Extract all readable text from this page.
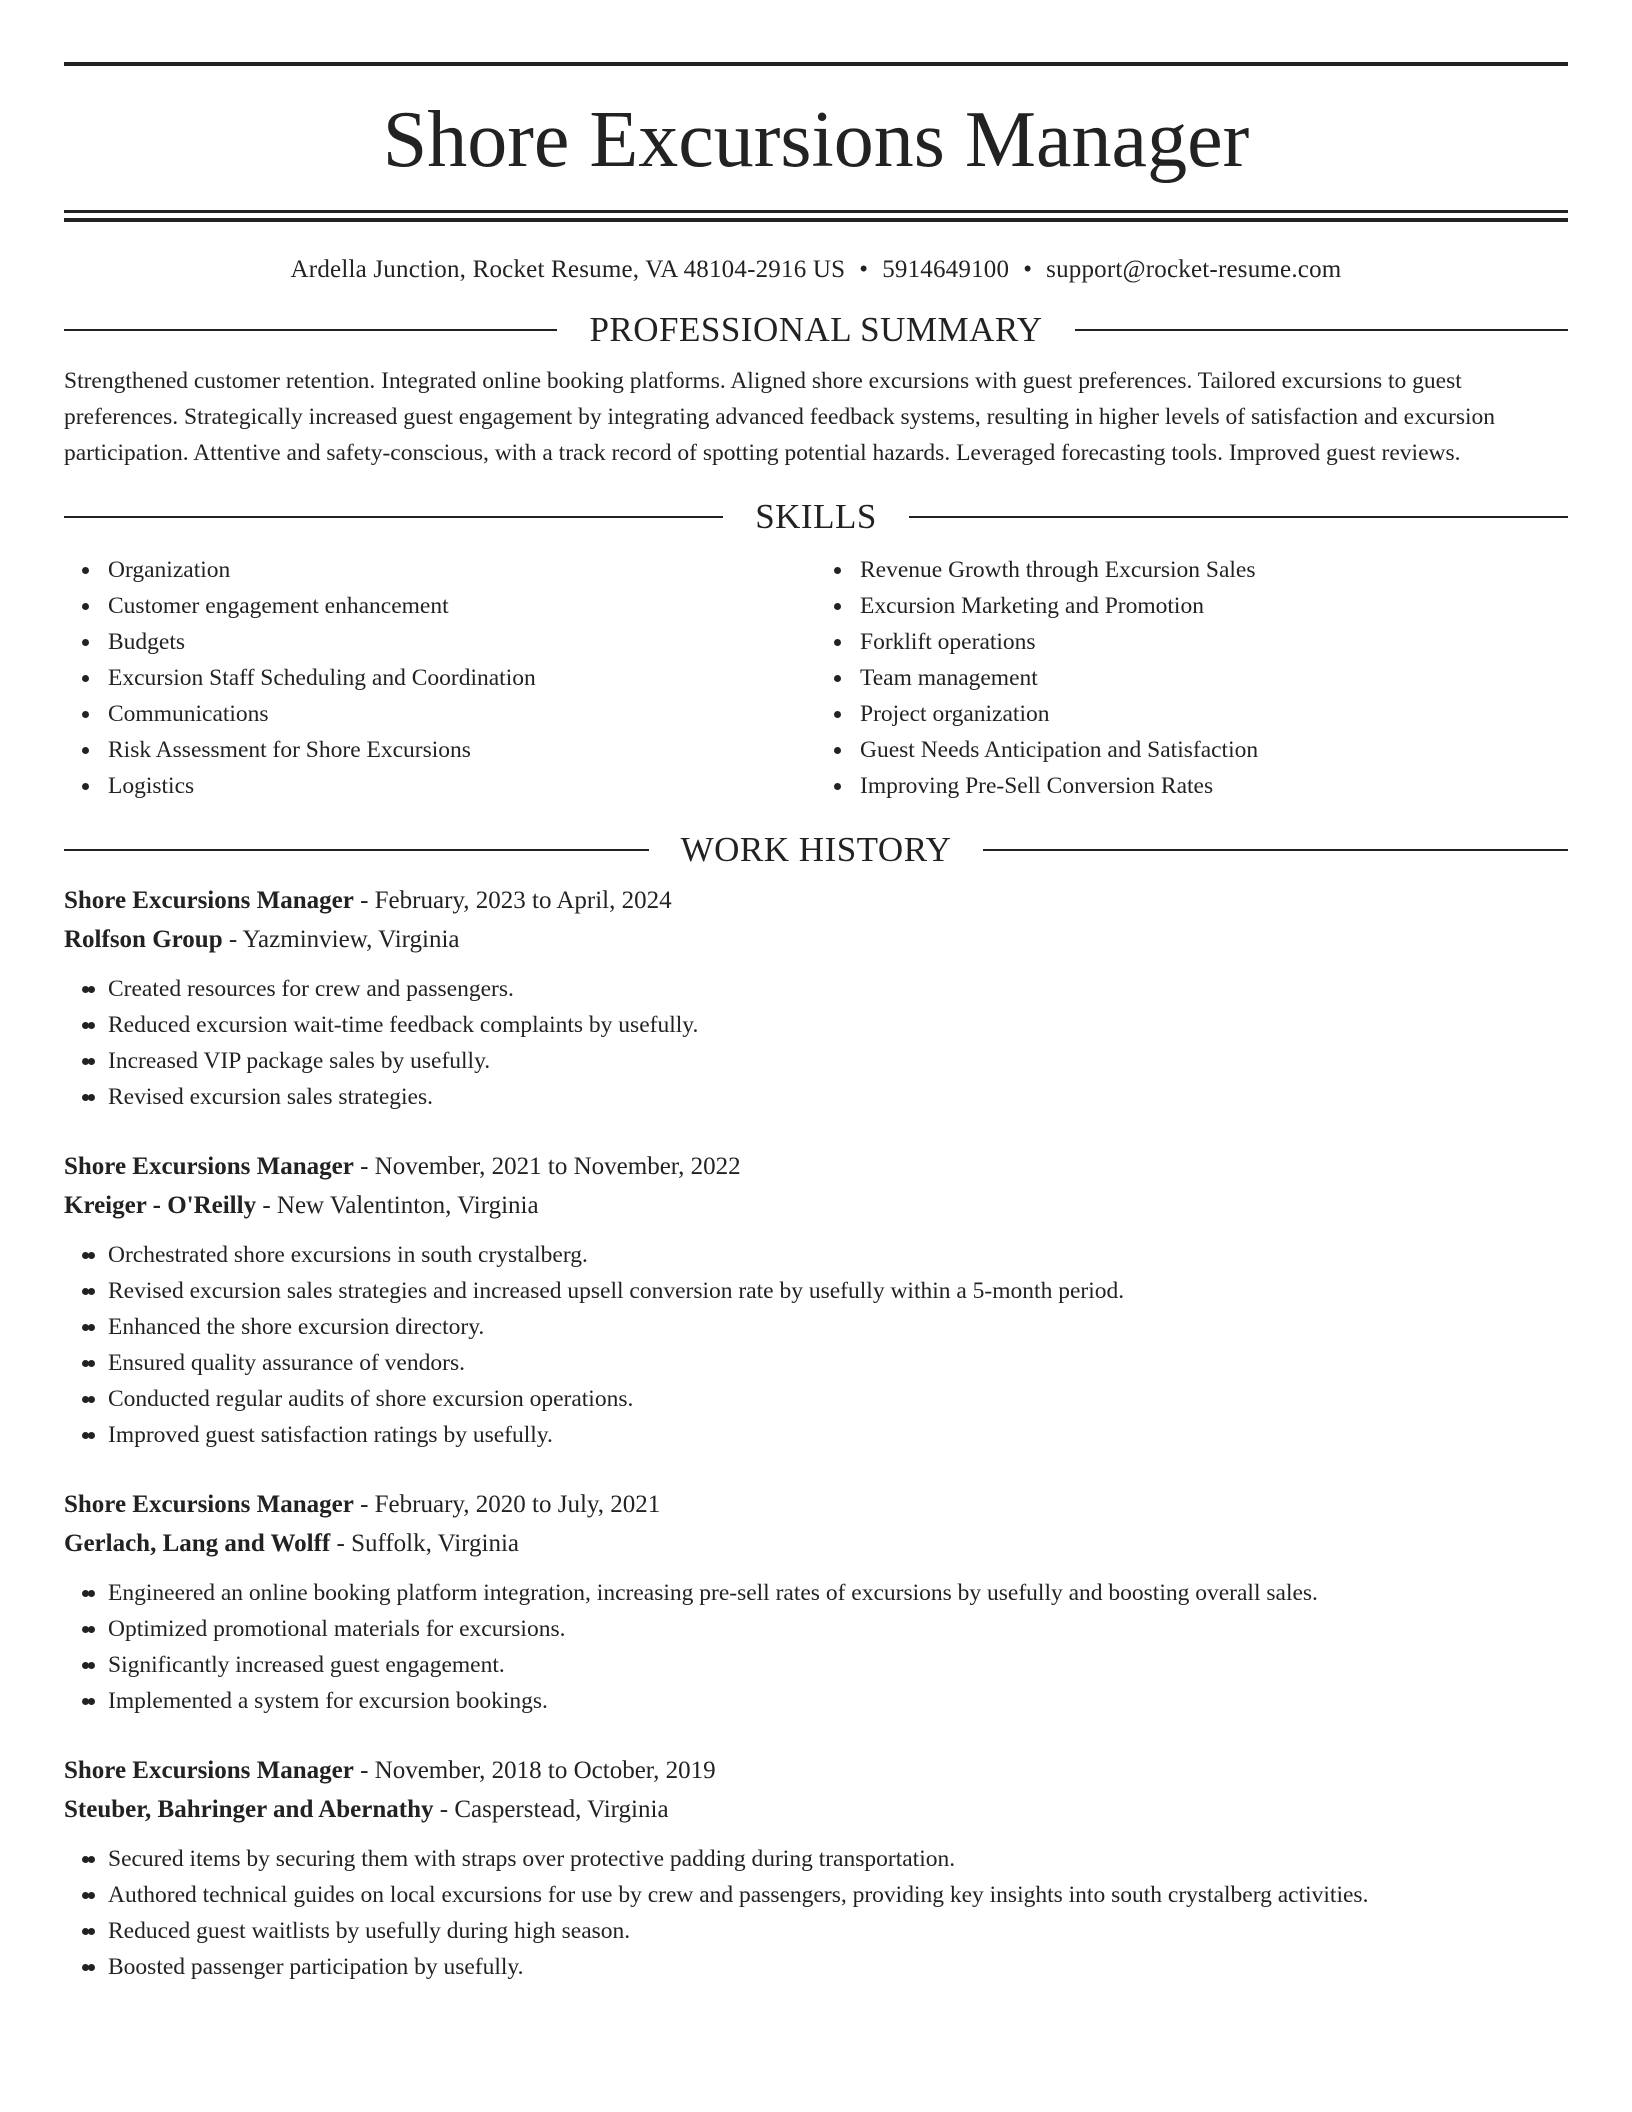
Shore Excursions Manager
Ardella Junction, Rocket Resume, VA 48104-2916 US • 5914649100 • support@rocket-resume.com
PROFESSIONAL SUMMARY

Strengthened customer retention. Integrated online booking platforms. Aligned shore excursions with guest preferences. Tailored excursions to guest preferences. Strategically increased guest engagement by integrating advanced feedback systems, resulting in higher levels of satisfaction and excursion participation. Attentive and safety-conscious, with a track record of spotting potential hazards. Leveraged forecasting tools. Improved guest reviews.

SKILLS
Organization
Customer engagement enhancement
Budgets
Excursion Staff Scheduling and Coordination
Communications
Risk Assessment for Shore Excursions
Logistics
Revenue Growth through Excursion Sales
Excursion Marketing and Promotion
Forklift operations
Team management
Project organization
Guest Needs Anticipation and Satisfaction
Improving Pre-Sell Conversion Rates
WORK HISTORY
Shore Excursions Manager - February, 2023 to April, 2024
Rolfson Group - Yazminview, Virginia
• Created resources for crew and passengers.
• Reduced excursion wait-time feedback complaints by usefully.
• Increased VIP package sales by usefully.
• Revised excursion sales strategies.
Shore Excursions Manager - November, 2021 to November, 2022
Kreiger - O'Reilly - New Valentinton, Virginia
• Orchestrated shore excursions in south crystalberg.
• Revised excursion sales strategies and increased upsell conversion rate by usefully within a 5-month period.
• Enhanced the shore excursion directory.
• Ensured quality assurance of vendors.
• Conducted regular audits of shore excursion operations.
• Improved guest satisfaction ratings by usefully.
Shore Excursions Manager - February, 2020 to July, 2021
Gerlach, Lang and Wolff - Suffolk, Virginia
• Engineered an online booking platform integration, increasing pre-sell rates of excursions by usefully and boosting overall sales.
• Optimized promotional materials for excursions.
• Significantly increased guest engagement.
• Implemented a system for excursion bookings.
Shore Excursions Manager - November, 2018 to October, 2019
Steuber, Bahringer and Abernathy - Casperstead, Virginia
• Secured items by securing them with straps over protective padding during transportation.
• Authored technical guides on local excursions for use by crew and passengers, providing key insights into south crystalberg activities.
• Reduced guest waitlists by usefully during high season.
• Boosted passenger participation by usefully.
